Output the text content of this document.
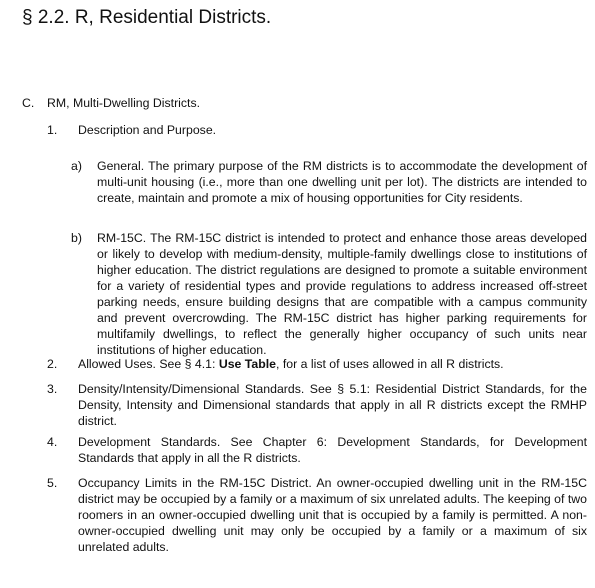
§ 2.2. R, Residential Districts.
C. RM, Multi-Dwelling Districts.
1. Description and Purpose.
a) General. The primary purpose of the RM districts is to accommodate the development of multi-unit housing (i.e., more than one dwelling unit per lot). The districts are intended to create, maintain and promote a mix of housing opportunities for City residents.
b) RM-15C. The RM-15C district is intended to protect and enhance those areas developed or likely to develop with medium-density, multiple-family dwellings close to institutions of higher education. The district regulations are designed to promote a suitable environment for a variety of residential types and provide regulations to address increased off-street parking needs, ensure building designs that are compatible with a campus community and prevent overcrowding. The RM-15C district has higher parking requirements for multifamily dwellings, to reflect the generally higher occupancy of such units near institutions of higher education.
2. Allowed Uses. See § 4.1: Use Table, for a list of uses allowed in all R districts.
3. Density/Intensity/Dimensional Standards. See § 5.1: Residential District Standards, for the Density, Intensity and Dimensional standards that apply in all R districts except the RMHP district.
4. Development Standards. See Chapter 6: Development Standards, for Development Standards that apply in all the R districts.
5. Occupancy Limits in the RM-15C District. An owner-occupied dwelling unit in the RM-15C district may be occupied by a family or a maximum of six unrelated adults. The keeping of two roomers in an owner-occupied dwelling unit that is occupied by a family is permitted. A non-owner-occupied dwelling unit may only be occupied by a family or a maximum of six unrelated adults.
